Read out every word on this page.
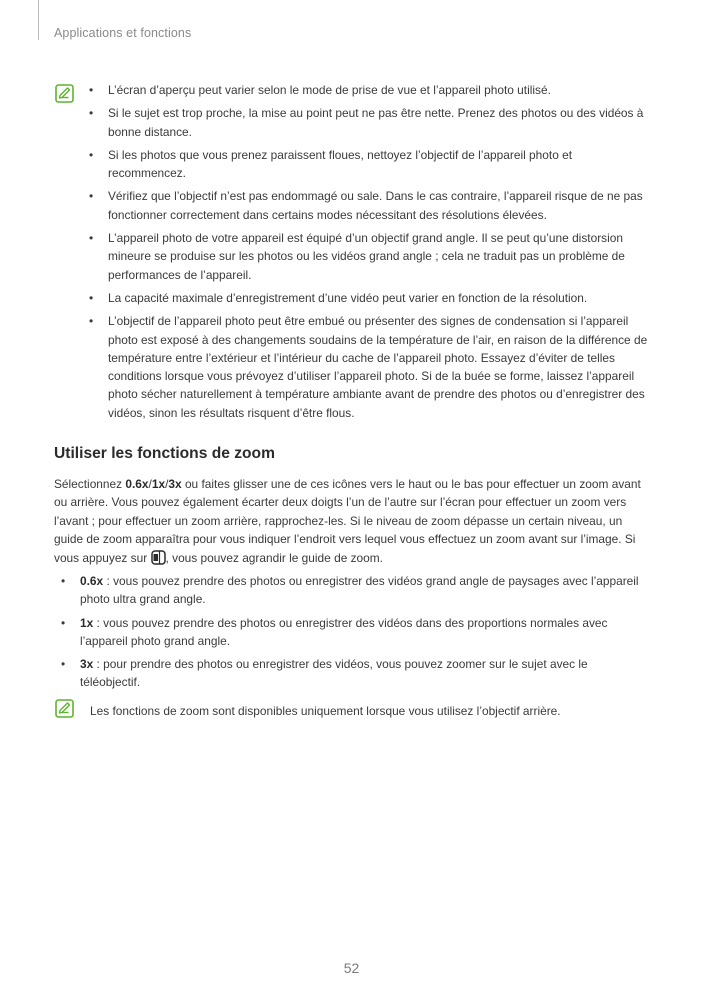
Applications et fonctions
• L’écran d’aperçu peut varier selon le mode de prise de vue et l’appareil photo utilisé.
• Si le sujet est trop proche, la mise au point peut ne pas être nette. Prenez des photos ou des vidéos à bonne distance.
• Si les photos que vous prenez paraissent floues, nettoyez l’objectif de l’appareil photo et recommencez.
• Vérifiez que l’objectif n’est pas endommagé ou sale. Dans le cas contraire, l’appareil risque de ne pas fonctionner correctement dans certains modes nécessitant des résolutions élevées.
• L’appareil photo de votre appareil est équipé d’un objectif grand angle. Il se peut qu’une distorsion mineure se produise sur les photos ou les vidéos grand angle ; cela ne traduit pas un problème de performances de l’appareil.
• La capacité maximale d’enregistrement d’une vidéo peut varier en fonction de la résolution.
• L’objectif de l’appareil photo peut être embué ou présenter des signes de condensation si l’appareil photo est exposé à des changements soudains de la température de l’air, en raison de la différence de température entre l’extérieur et l’intérieur du cache de l’appareil photo. Essayez d’éviter de telles conditions lorsque vous prévoyez d’utiliser l’appareil photo. Si de la buée se forme, laissez l’appareil photo sécher naturellement à température ambiante avant de prendre des photos ou d’enregistrer des vidéos, sinon les résultats risquent d’être flous.
Utiliser les fonctions de zoom

Sélectionnez 0.6x/1x/3x ou faites glisser une de ces icônes vers le haut ou le bas pour effectuer un zoom avant ou arrière. Vous pouvez également écarter deux doigts l’un de l’autre sur l’écran pour effectuer un zoom vers l’avant ; pour effectuer un zoom arrière, rapprochez-les. Si le niveau de zoom dépasse un certain niveau, un guide de zoom apparaîtra pour vous indiquer l’endroit vers lequel vous effectuez un zoom avant sur l’image. Si vous appuyez sur , vous pouvez agrandir le guide de zoom.

• 0.6x : vous pouvez prendre des photos ou enregistrer des vidéos grand angle de paysages avec l’appareil photo ultra grand angle.
• 1x : vous pouvez prendre des photos ou enregistrer des vidéos dans des proportions normales avec l’appareil photo grand angle.
• 3x : pour prendre des photos ou enregistrer des vidéos, vous pouvez zoomer sur le sujet avec le téléobjectif.
Les fonctions de zoom sont disponibles uniquement lorsque vous utilisez l’objectif arrière.
52
